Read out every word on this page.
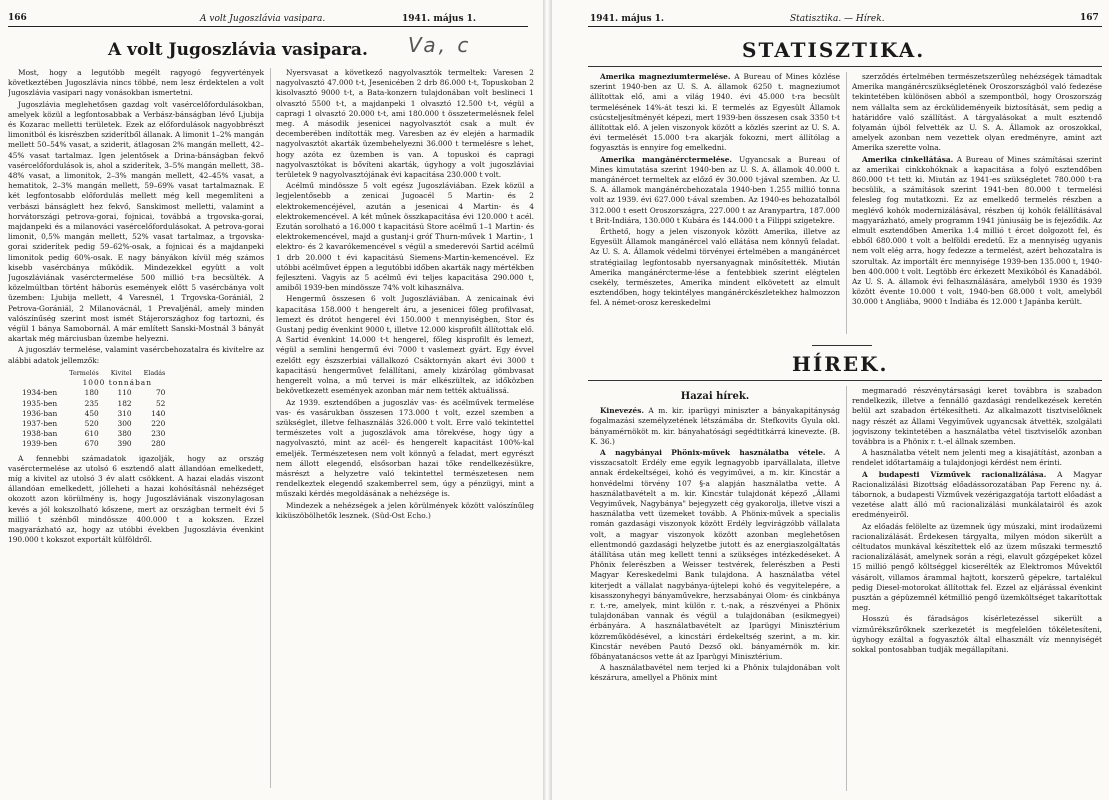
166	A volt Jugoszlávia vasipara.	1941. május 1.
A volt Jugoszlávia vasipara. Va, c

Most, hogy a legutóbb megélt ragyogó fegyvertények következtében Jugoszlávia nincs többé, nem lesz érdektelen a volt Jugoszlávia vasipari nagy vonásokban ismertetni.

Jugoszlávia meglehetősen gazdag volt vasércelőfordulásokban, amelyek közül a legfontosabbak a Verbász-bánságban lévő Ljubija és Kozarac melletti területek. Ezek az előfordulások nagyobbrészt limonitból és kisrészben sziderítből állanak. A limonit 1–2% mangán mellett 50–54% vasat, a sziderit, átlagosan 2% mangán mellett, 42–45% vasat tartalmaz. Igen jelentősek a Drina-bánságban fekvő vasércelőfordulások is, ahol a sziderítek, 3–5% mangán mellett, 38–48% vasat, a limonitok, 2–3% mangán mellett, 42–45% vasat, a hematitok, 2–3% mangán mellett, 59–69% vasat tartalmaznak. E két legfontosabb előfordulás mellett még kell megemlíteni a verbászi bánságlett hez fekvő, Sanskimost melletti, valamint a horvátországi petrova-gorai, fojnicai, továbbá a trgovska-gorai, majdanpeki és a milanováci vasércelőfordulásokat. A petrova-gorai limonit, 0,5% mangán mellett, 52% vasat tartalmaz, a trgovska-gorai sziderítek pedig 59–62%-osak, a fojnicai és a majdanpeki limonitok pedig 60%-osak. E nagy bányákon kívül még számos kisebb vasércbánya működik. Mindezekkel együtt a volt Jugoszláviának vasérctermelése 500 millió t-ra becsülték. A közelmúltban történt háborús események előtt 5 vasércbánya volt üzemben: Ljubija mellett, 4 Varesnél, 1 Trgovska-Gorániál, 2 Petrova-Gorániál, 2 Milanovácnál, 1 Prevaljénál, amely minden valószínűség szerint most ismét Stájerországhoz fog tartozni, és végül 1 bánya Samobornál. A már említett Sanski-Mostnál 3 bányát akartak még márciusban üzembe helyezni.

A jugoszláv termelése, valamint vasércbehozatalra és kivitelre az alábbi adatok jellemzők:

	Termelés	Kivitel	Eladás
	1000 tonnában		
1934-ben	180	110	70
1935-ben	235	182	52
1936-ban	450	310	140
1937-ben	520	300	220
1938-ban	610	380	230
1939-ben	670	390	280

A fennebbi számadatok igazolják, hogy az ország vasérctermelése az utolsó 6 esztendő alatt állandóan emelkedett, míg a kivitel az utolsó 3 év alatt csökkent. A hazai eladás viszont állandóan emelkedett, jólleheti a hazai kohósításnál nehézséget okozott azon körülmény is, hogy Jugoszláviának viszonylagosan kevés a jól kokszolható kőszene, mert az országban termelt évi 5 millió t szénből mindössze 400.000 t a kokszen. Ezzel magyarázható az, hogy az utóbbi években Jugoszlávia évenkint 190.000 t kokszot exportált külföldről.

Nyersvasat a következő nagyolvasztók termeltek: Varesen 2 nagyolvasztó 47.000 t-t, Jesenicében 2 drb 86.000 t-t, Topuskoban 2 kisolvasztó 9000 t-t, a Bata-konzern tulajdonában volt beslineci 1 olvasztó 5500 t-t, a majdanpeki 1 olvasztó 12.500 t-t, végül a capragi 1 olvasztó 20.000 t-t, ami 180.000 t összetermelésnek felel meg. A második jesenicei nagyolvasztót csak a mult év decemberében indították meg. Varesben az év elején a harmadik nagyolvasztót akarták üzembehelyezni 36.000 t termelésre s lehet, hogy azóta ez üzemben is van. A topuskoi és capragi nagyolvasztókat is bővíteni akarták, úgyhogy a volt jugoszláviai területek 9 nagyolvasztójának évi kapacitása 230.000 t volt.

Acélmű mindössze 5 volt egész Jugoszláviában. Ezek közül a legjelentősebb a zenicai Jugoacél 5 Martin- és 2 elektrokemencéjével, azután a jesenicai 4 Martin- és 4 elektrokemencével. A két műnek összkapacitása évi 120.000 t acél. Ezután sorolható a 16.000 t kapacitású Store acélmű 1–1 Martin- és elektrokemencével, majd a gustanj-i gróf Thurn-művek 1 Martin-, 1 elektro- és 2 kavarókemencével s végül a smederevói Sartid acélmű 1 drb 20.000 t évi kapacitású Siemens-Martin-kemencével. Ez utóbbi acélművet éppen a legutóbbi időben akarták nagy mértékben fejleszteni. Vagyis az 5 acélmű évi teljes kapacitása 290.000 t, amiből 1939-ben mindössze 74% volt kihasználva.

Hengermű összesen 6 volt Jugoszláviában. A zenicainak évi kapacitása 158.000 t hengerelt áru, a jesenicei főleg profilvasat, lemezt és drótot hengerel évi 150.000 t mennyiségben, Stor és Gustanj pedig évenkint 9000 t, illetve 12.000 kisprofilt állítottak elő. A Sartid évenkint 14.000 t-t hengerel, főleg kisprofilt és lemezt, végül a semlini hengermű évi 7000 t vaslemezt gyárt. Egy évvel ezelőtt egy észszerbiai vállalkozó Csáktornyán akart évi 3000 t kapacitású hengerművet felállítani, amely kizárólag gömbvasat hengerelt volna, a mű tervei is már elkészültek, az időközben bekövetkezett események azonban már nem tették aktuálissá.

Az 1939. esztendőben a jugoszláv vas- és acélművek termelése vas- és vasárukban összesen 173.000 t volt, ezzel szemben a szükséglet, illetve felhasználás 326.000 t volt. Erre való tekintettel természetes volt a jugoszlávok ama törekvése, hogy úgy a nagyolvasztó, mint az acél- és hengerelt kapacitást 100%-kal emeljék. Természetesen nem volt könnyű a feladat, mert egyrészt nem állott elegendő, elsősorban hazai tőke rendelkezésükre, másrészt a helyzetre való tekintettel természetesen nem rendelkeztek elegendő szakemberrel sem, úgy a pénzügyi, mint a műszaki kérdés megoldásának a nehézsége is.

Mindezek a nehézségek a jelen körülmények között valószínűleg kiküszöbölhetők lesznek. (Süd-Ost Echo.)

1941. május 1.	Statisztika. — Hírek.	167
STATISZTIKA.

Amerika magneziumtermelése. A Bureau of Mines közlése szerint 1940-ben az U. S. A. államok 6250 t. magneziumot állítottak elő, ami a világ 1940. évi 45.000 t-ra becsült termelésének 14%-át teszi ki. E termelés az Egyesült Államok csúcsteljesítményét képezi, mert 1939-ben összesen csak 3350 t-t állítottak elő. A jelen viszonyok között a közlés szerint az U. S. A. évi termelését 15.000 t-ra akarják fokozni, mert állítólag a fogyasztás is ennyire fog emelkedni.

Amerika mangánérctermelése. Ugyancsak a Bureau of Mines kimutatása szerint 1940-ben az U. S. A. államok 40.000 t. mangánércet termeltek az előző év 30.000 t-jával szemben. Az U. S. A. államok mangánércbehozatala 1940-ben 1.255 millió tonna volt az 1939. évi 627.000 t-ával szemben. Az 1940-es behozatalból 312.000 t esett Oroszországra, 227.000 t az Aranypartra, 187.000 t Brit-Indiára, 130.000 t Kubára és 144.000 t a Filippi szigetekre.

Érthető, hogy a jelen viszonyok között Amerika, illetve az Egyesült Államok mangánércel való ellátása nem könnyű feladat. Az U. S. A. Államok védelmi törvényei értelmében a mangánércet stratégiailag legfontosabb nyersanyagnak minősítették. Miután Amerika mangánércterme-lése a fentebbiek szerint elégtelen csekély, természetes, Amerika mindent elkövetett az elmult esztendőben, hogy tekintélyes mangánérckészletekhez halmozzon fel. A német-orosz kereskedelmi

szerződés értelmében természetszerűleg nehézségek támadtak Amerika mangánércszükségletének Oroszországból való fedezése tekintetében különösen abból a szempontból, hogy Oroszország nem vállalta sem az érckülideményeik biztosítását, sem pedig a határidőre való szállítást. A tárgyalásokat a mult esztendő folyamán újból felvették az U. S. A. Államok az oroszokkal, amelyek azonban nem vezettek olyan eredményre, amint azt Amerika szerette volna.

Amerika cinkellátása. A Bureau of Mines számításai szerint az amerikai cinkkohóknak a kapacitása a folyó esztendőben 860.000 t-t tett ki. Miután az 1941-es szükségletet 780.000 t-ra becsülik, a számítások szerint 1941-ben 80.000 t termelési felesleg fog mutatkozni. Ez az emelkedő termelés részben a meglévő kohók modernizálásával, részben új kohók felállításával magyarázható, amely programm 1941 júniusáig be is fejeződik. Az elmult esztendőben Amerika 1.4 millió t ércet dolgozott fel, és ebből 680.000 t volt a belföldi eredetű. Ez a mennyiség ugyanis nem volt elég arra, hogy fedezze a termelést, azért behozatalra is szorultak. Az importált érc mennyisége 1939-ben 135.000 t, 1940-ben 400.000 t volt. Legtöbb érc érkezett Mexikóból és Kanadából. Az U. S. A. államok évi felhasználására, amelyből 1930 és 1939 között évente 10.000 t volt, 1940-ben 68.000 t volt, amelyből 30.000 t Angliába, 9000 t Indiába és 12.000 t Japánba került.

HÍREK.
Hazai hírek.

Kinevezés. A m. kir. iparügyi miniszter a bányakapitányság fogalmazási személyzetének létszámába dr. Stefkovits Gyula okl. bányamérnököt m. kir. bányahatósági segédtitkárrá kinevezte. (B. K. 36.)

A nagybányai Phönix-művek használatba vétele. A visszacsatolt Erdély eme egyik legnagyobb iparvállalata, illetve annak érdekeltségei, kohó és vegyiművei, a m. kir. Kincstár a honvédelmi törvény 107 §-a alapján használatba vette. A használatbavételt a m. kir. Kincstár tulajdonát képező „Állami Vegyiművek, Nagybánya" bejegyzett cég gyakorolja, illetve viszi a használatba vett üzemeket tovább. A Phönix-művek a specialis román gazdasági viszonyok között Erdély legvirágzóbb vállalata volt, a magyar viszonyok között azonban meglehetősen ellentmondó gazdasági helyzetbe jutott és az energiaszolgáltatás átállítása után meg kellett tenni a szükséges intézkedéseket. A Phönix felerészben a Weisser testvérek, felerészben a Pesti Magyar Kereskedelmi Bank tulajdona. A használatba vétel kiterjedt a vállalat nagybánya-újtelepi kohó és vegyitelepére, a kisasszonyhegyi bányaművekre, herzsabányai Olom- és cinkbánya r. t.-re, amelyek, mint külön r. t.-nak, a részvényei a Phönix tulajdonában vannak és végül a tulajdonában (esikmegyei) érbányára. A használatbavételt az Iparügyi Minisztérium közreműködésével, a kincstári érdekeltség szerint, a m. kir. Kincstár nevében Pautó Dezső okl. bányamérnök m. kir. főbányatanácsos vette át az Iparügyi Minisztérium.

A használatbavétel nem terjed ki a Phönix tulajdonában volt készárura, amellyel a Phönix mint

megmaradó részvénytársasági keret továbbra is szabadon rendelkezik, illetve a fennálló gazdasági rendelkezések keretén belül azt szabadon értékesítheti. Az alkalmazott tisztviselőknek nagy részét az Állami Vegyiművek ugyancsak átvették, szolgálati jogviszony tekintetében a használatba vétel tisztviselők azonban továbbra is a Phönix r. t.-el állnak szemben.

A használatba vételt nem jelenti meg a kisajátítást, azonban a rendelet időtartamáig a tulajdonjogi kérdést nem érinti.

A budapesti Vízművek racionalizálása. A Magyar Racionalizálási Bizottság előadássorozatában Pap Ferenc ny. á. tábornok, a budapesti Vízművek vezérigazgatója tartott előadást a vezetése alatt álló mű racionalizálási munkálatairól és azok eredményeiről.

Az előadás felölelte az üzemnek úgy múszaki, mint irodaüzemi racionalizálását. Érdekesen tárgyalta, milyen módon sikerült a céltudatos munkával készítettek elő az üzem műszaki termesztő racionalizálását, amelynek során a régi, elavult gőzgépeket közel 15 millió pengő költséggel kicserélték az Elektromos Művektől vásárolt, villamos árammal hajtott, korszerű gépekre, tartalékul pedig Diesel-motorokat állítottak fel. Ezzel az eljárással évenkint pusztán a gépüzemnél kétmillió pengő üzemköltséget takarítottak meg.

Hosszú és fáradságos kísérletezéssel sikerült a vízműrékszűrőknek szerkezetét is megfelelően tökéletesíteni, úgyhogy ezáltal a fogyasztók által elhasznált víz mennyiségét sokkal pontosabban tudják megállapítani.
